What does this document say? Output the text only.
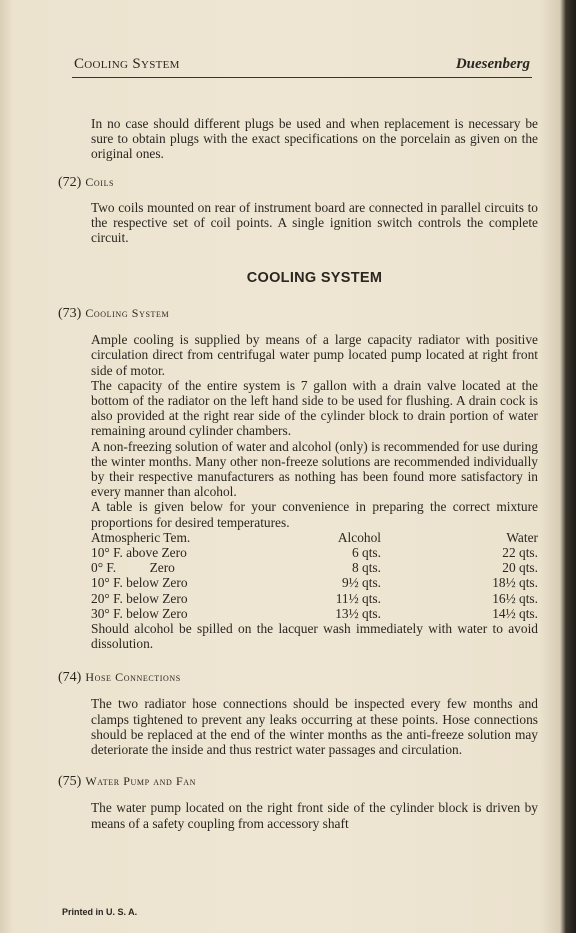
Cooling System	Duesenberg

In no case should different plugs be used and when replacement is necessary be sure to obtain plugs with the exact specifications on the porcelain as given on the original ones.

(72) Coils

Two coils mounted on rear of instrument board are connected in parallel circuits to the respective set of coil points. A single ignition switch controls the complete circuit.

COOLING SYSTEM
(73) Cooling System

Ample cooling is supplied by means of a large capacity radiator with positive circulation direct from centrifugal water pump located pump located at right front side of motor.

The capacity of the entire system is 7 gallon with a drain valve located at the bottom of the radiator on the left hand side to be used for flushing. A drain cock is also provided at the right rear side of the cylinder block to drain portion of water remaining around cylinder chambers.

A non-freezing solution of water and alcohol (only) is recommended for use during the winter months. Many other non-freeze solutions are recommended individually by their respective manufacturers as nothing has been found more satisfactory in every manner than alcohol.

A table is given below for your convenience in preparing the correct mixture proportions for desired temperatures.

Atmospheric Tem.	Alcohol	Water
10° F. above Zero	6 qts.	22 qts.
0° F.          Zero	8 qts.	20 qts.
10° F. below Zero	9½ qts.	18½ qts.
20° F. below Zero	11½ qts.	16½ qts.
30° F. below Zero	13½ qts.	14½ qts.

Should alcohol be spilled on the lacquer wash immediately with water to avoid dissolution.

(74) Hose Connections

The two radiator hose connections should be inspected every few months and clamps tightened to prevent any leaks occurring at these points. Hose connections should be replaced at the end of the winter months as the anti-freeze solution may deteriorate the inside and thus restrict water passages and circulation.

(75) Water Pump and Fan

The water pump located on the right front side of the cylinder block is driven by means of a safety coupling from accessory shaft

Printed in U. S. A.
